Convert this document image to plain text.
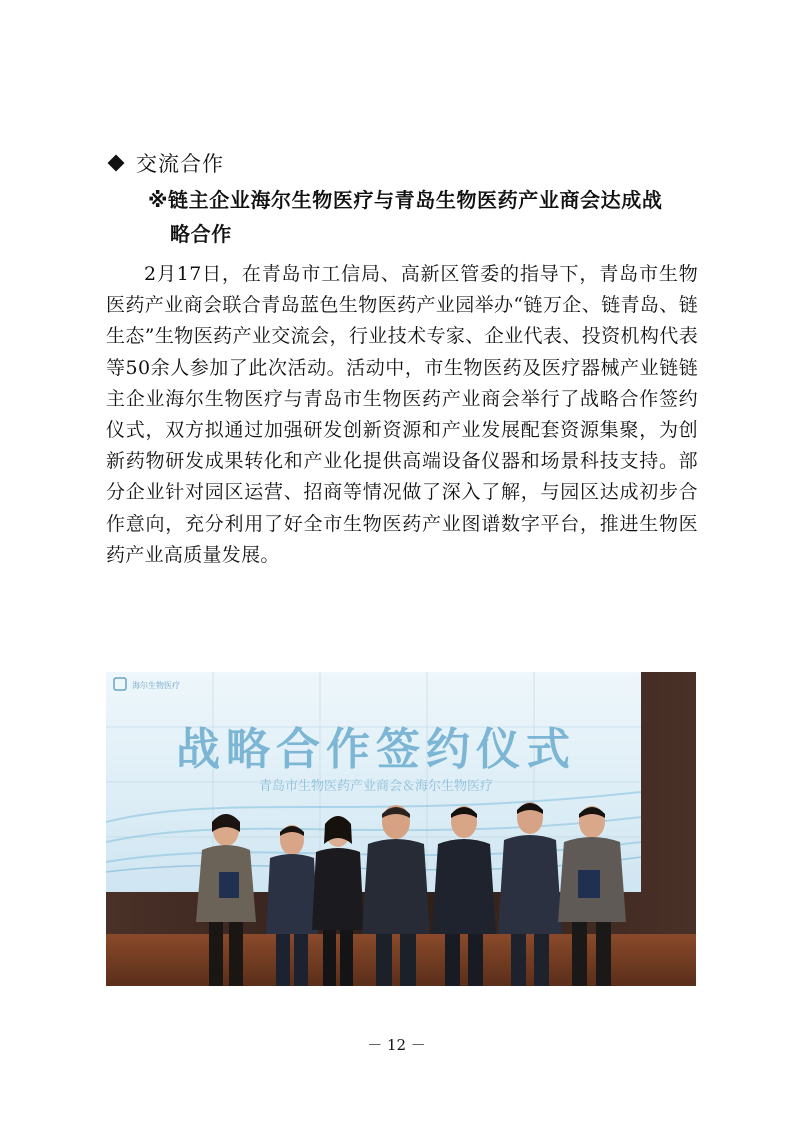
交流合作
※链主企业海尔生物医疗与青岛生物医药产业商会达成战
略合作

2月17日，在青岛市工信局、高新区管委的指导下，青岛市生物医药产业商会联合青岛蓝色生物医药产业园举办“链万企、链青岛、链生态”生物医药产业交流会，行业技术专家、企业代表、投资机构代表等50余人参加了此次活动。活动中，市生物医药及医疗器械产业链链主企业海尔生物医疗与青岛市生物医药产业商会举行了战略合作签约仪式，双方拟通过加强研发创新资源和产业发展配套资源集聚，为创新药物研发成果转化和产业化提供高端设备仪器和场景科技支持。部分企业针对园区运营、招商等情况做了深入了解，与园区达成初步合作意向，充分利用了好全市生物医药产业图谱数字平台，推进生物医药产业高质量发展。

海尔生物医疗
战略合作签约仪式
青岛市生物医药产业商会＆海尔生物医疗
－ 12 －
